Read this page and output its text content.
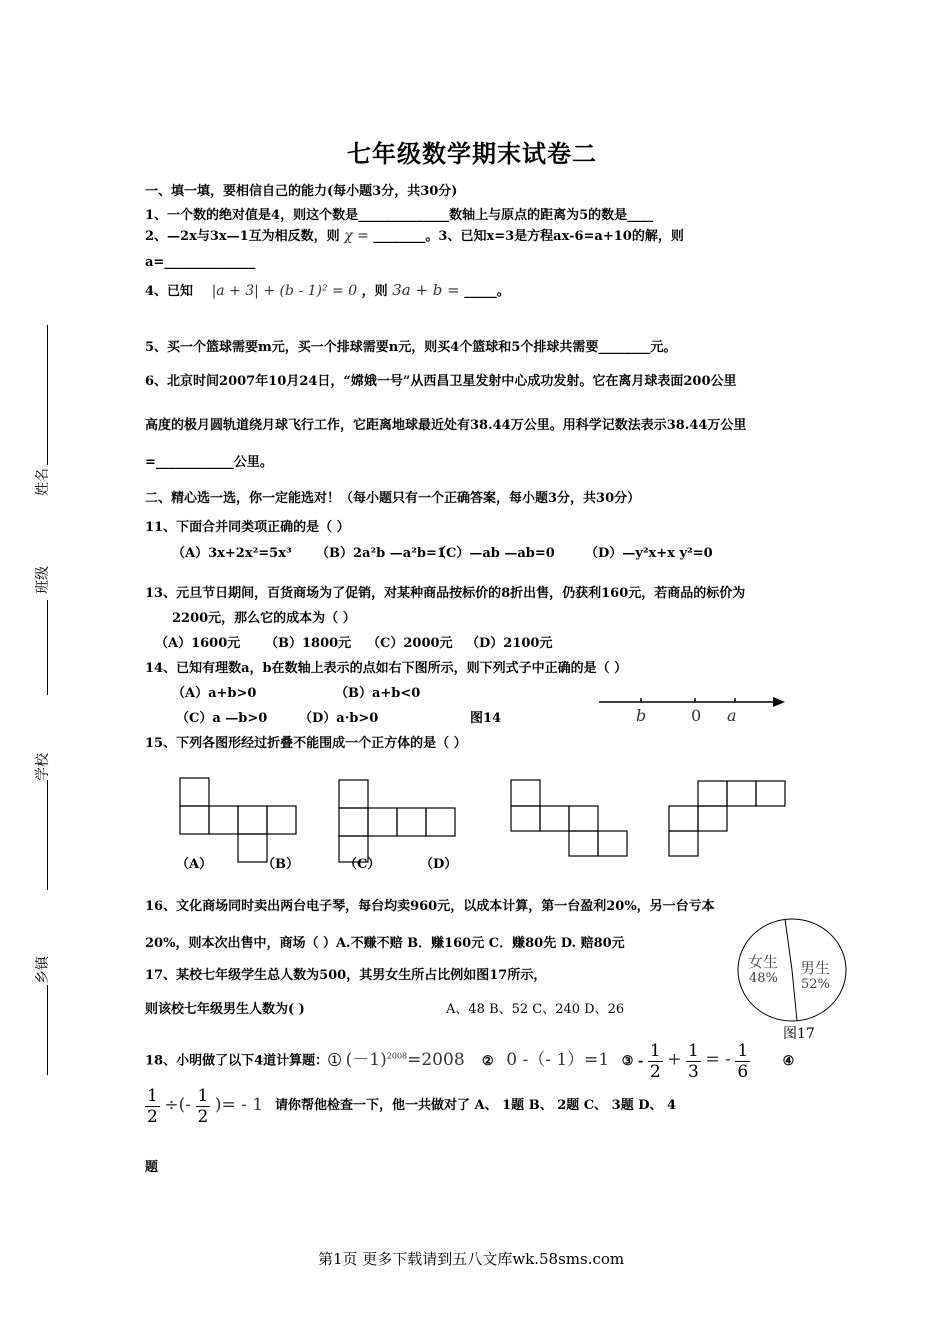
姓名
班级
学校
乡镇
七年级数学期末试卷二
一、填一填，要相信自己的能力(每小题3分，共30分)
1、一个数的绝对值是4，则这个数是______________数轴上与原点的距离为5的数是____
2、—2x与3x—1互为相反数，则 χ = ________。3、已知x=3是方程ax-6=a+10的解，则
a=______________
4、已知 |a + 3| + (b - 1)² = 0 ，则 3a + b = _____。
5、买一个篮球需要m元，买一个排球需要n元，则买4个篮球和5个排球共需要________元。
6、北京时间2007年10月24日，“嫦娥一号”从西昌卫星发射中心成功发射。它在离月球表面200公里
高度的极月圆轨道绕月球飞行工作，它距离地球最近处有38.44万公里。用科学记数法表示38.44万公里
=____________公里。
二、精心选一选，你一定能选对！（每小题只有一个正确答案，每小题3分，共30分）
11、下面合并同类项正确的是（ ）
（A）3x+2x²=5x³ （B）2a²b —a²b=1
（C）—ab —ab=0 （D）—y²x+x y²=0
13、元旦节日期间，百货商场为了促销，对某种商品按标价的8折出售，仍获利160元，若商品的标价为
2200元，那么它的成本为（ ）
（A）1600元 （B）1800元 （C）2000元 （D）2100元
14、已知有理数a，b在数轴上表示的点如右下图所示，则下列式子中正确的是（ ）
（A）a+b>0	（B）a+b<0
（C）a —b>0 （D）a·b>0	图14	b	0 a
15、下列各图形经过折叠不能围成一个正方体的是（ ）
（A）	（B）	（C）	（D）
16、文化商场同时卖出两台电子琴，每台均卖960元，以成本计算，第一台盈利20%，另一台亏本
20%，则本次出售中，商场（ ）A.不赚不赔 B．赚160元 C．赚80先 D. 赔80元
17、某校七年级学生总人数为500，其男女生所占比例如图17所示，
则该校七年级男生人数为( )	A、48 B、52 C、240 D、26
女生
48%
男生
52%
图17
18、小明做了以下4道计算题：① $(-1)^{2008}=2008$ ② 0 -（- 1）=1 ③ - $\frac{1}{2} + \frac{1}{3}$ = - $\frac{1}{6}$	④
$\frac{1}{2}$ ÷(- $\frac{1}{2}$ )= - 1 请你帮他检查一下，他一共做对了 A、 1题 B、 2题 C、 3题 D、 4
题
第1页 更多下载请到五八文库wk.58sms.com
